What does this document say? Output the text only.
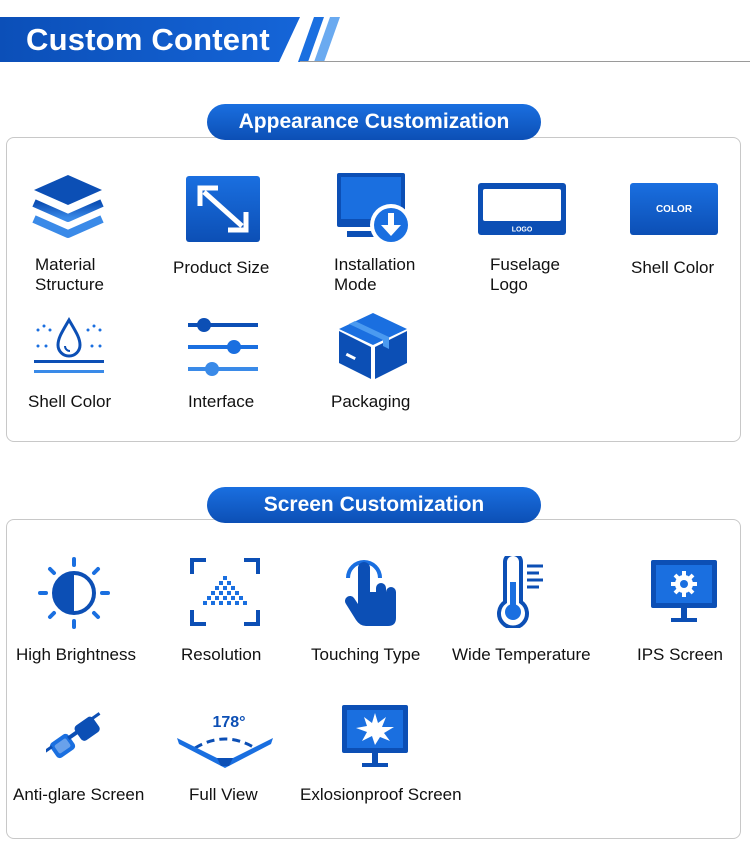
Custom Content
Appearance Customization
Material
Structure
Product Size	Installation
Mode
LOGO
Fuselage
Logo
COLOR
Shell Color
Shell Color	Interface	Packaging
Screen Customization
High Brightness	Resolution	Touching Type Wide Temperature	IPS Screen
Anti-glare Screen
178°
Full View Exlosionproof Screen
